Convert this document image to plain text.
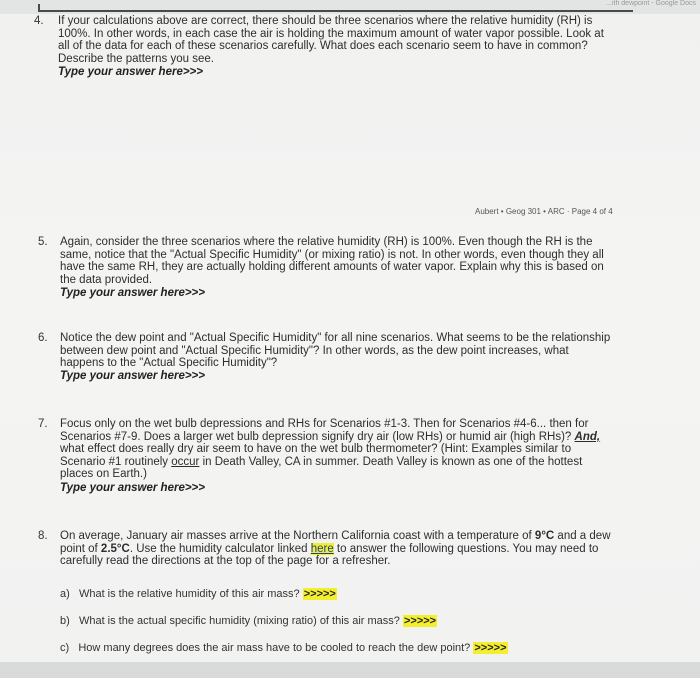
...ith dewpoint - Google Docs
4. If your calculations above are correct, there should be three scenarios where the relative humidity (RH) is
100%. In other words, in each case the air is holding the maximum amount of water vapor possible. Look at
all of the data for each of these scenarios carefully. What does each scenario seem to have in common?
Describe the patterns you see.
Type your answer here>>>
Aubert • Geog 301 • ARC · Page 4 of 4
5. Again, consider the three scenarios where the relative humidity (RH) is 100%. Even though the RH is the
same, notice that the "Actual Specific Humidity" (or mixing ratio) is not. In other words, even though they all
have the same RH, they are actually holding different amounts of water vapor. Explain why this is based on
the data provided.
Type your answer here>>>
6. Notice the dew point and "Actual Specific Humidity" for all nine scenarios. What seems to be the relationship
between dew point and "Actual Specific Humidity"? In other words, as the dew point increases, what
happens to the "Actual Specific Humidity"?
Type your answer here>>>
7. Focus only on the wet bulb depressions and RHs for Scenarios #1-3. Then for Scenarios #4-6... then for
Scenarios #7-9. Does a larger wet bulb depression signify dry air (low RHs) or humid air (high RHs)? And,
what effect does really dry air seem to have on the wet bulb thermometer? (Hint: Examples similar to
Scenario #1 routinely occur in Death Valley, CA in summer. Death Valley is known as one of the hottest
places on Earth.)
Type your answer here>>>
8. On average, January air masses arrive at the Northern California coast with a temperature of 9°C and a dew
point of 2.5°C. Use the humidity calculator linked here to answer the following questions. You may need to
carefully read the directions at the top of the page for a refresher.
a) What is the relative humidity of this air mass? >>>>>
b) What is the actual specific humidity (mixing ratio) of this air mass? >>>>>
c) How many degrees does the air mass have to be cooled to reach the dew point? >>>>>
